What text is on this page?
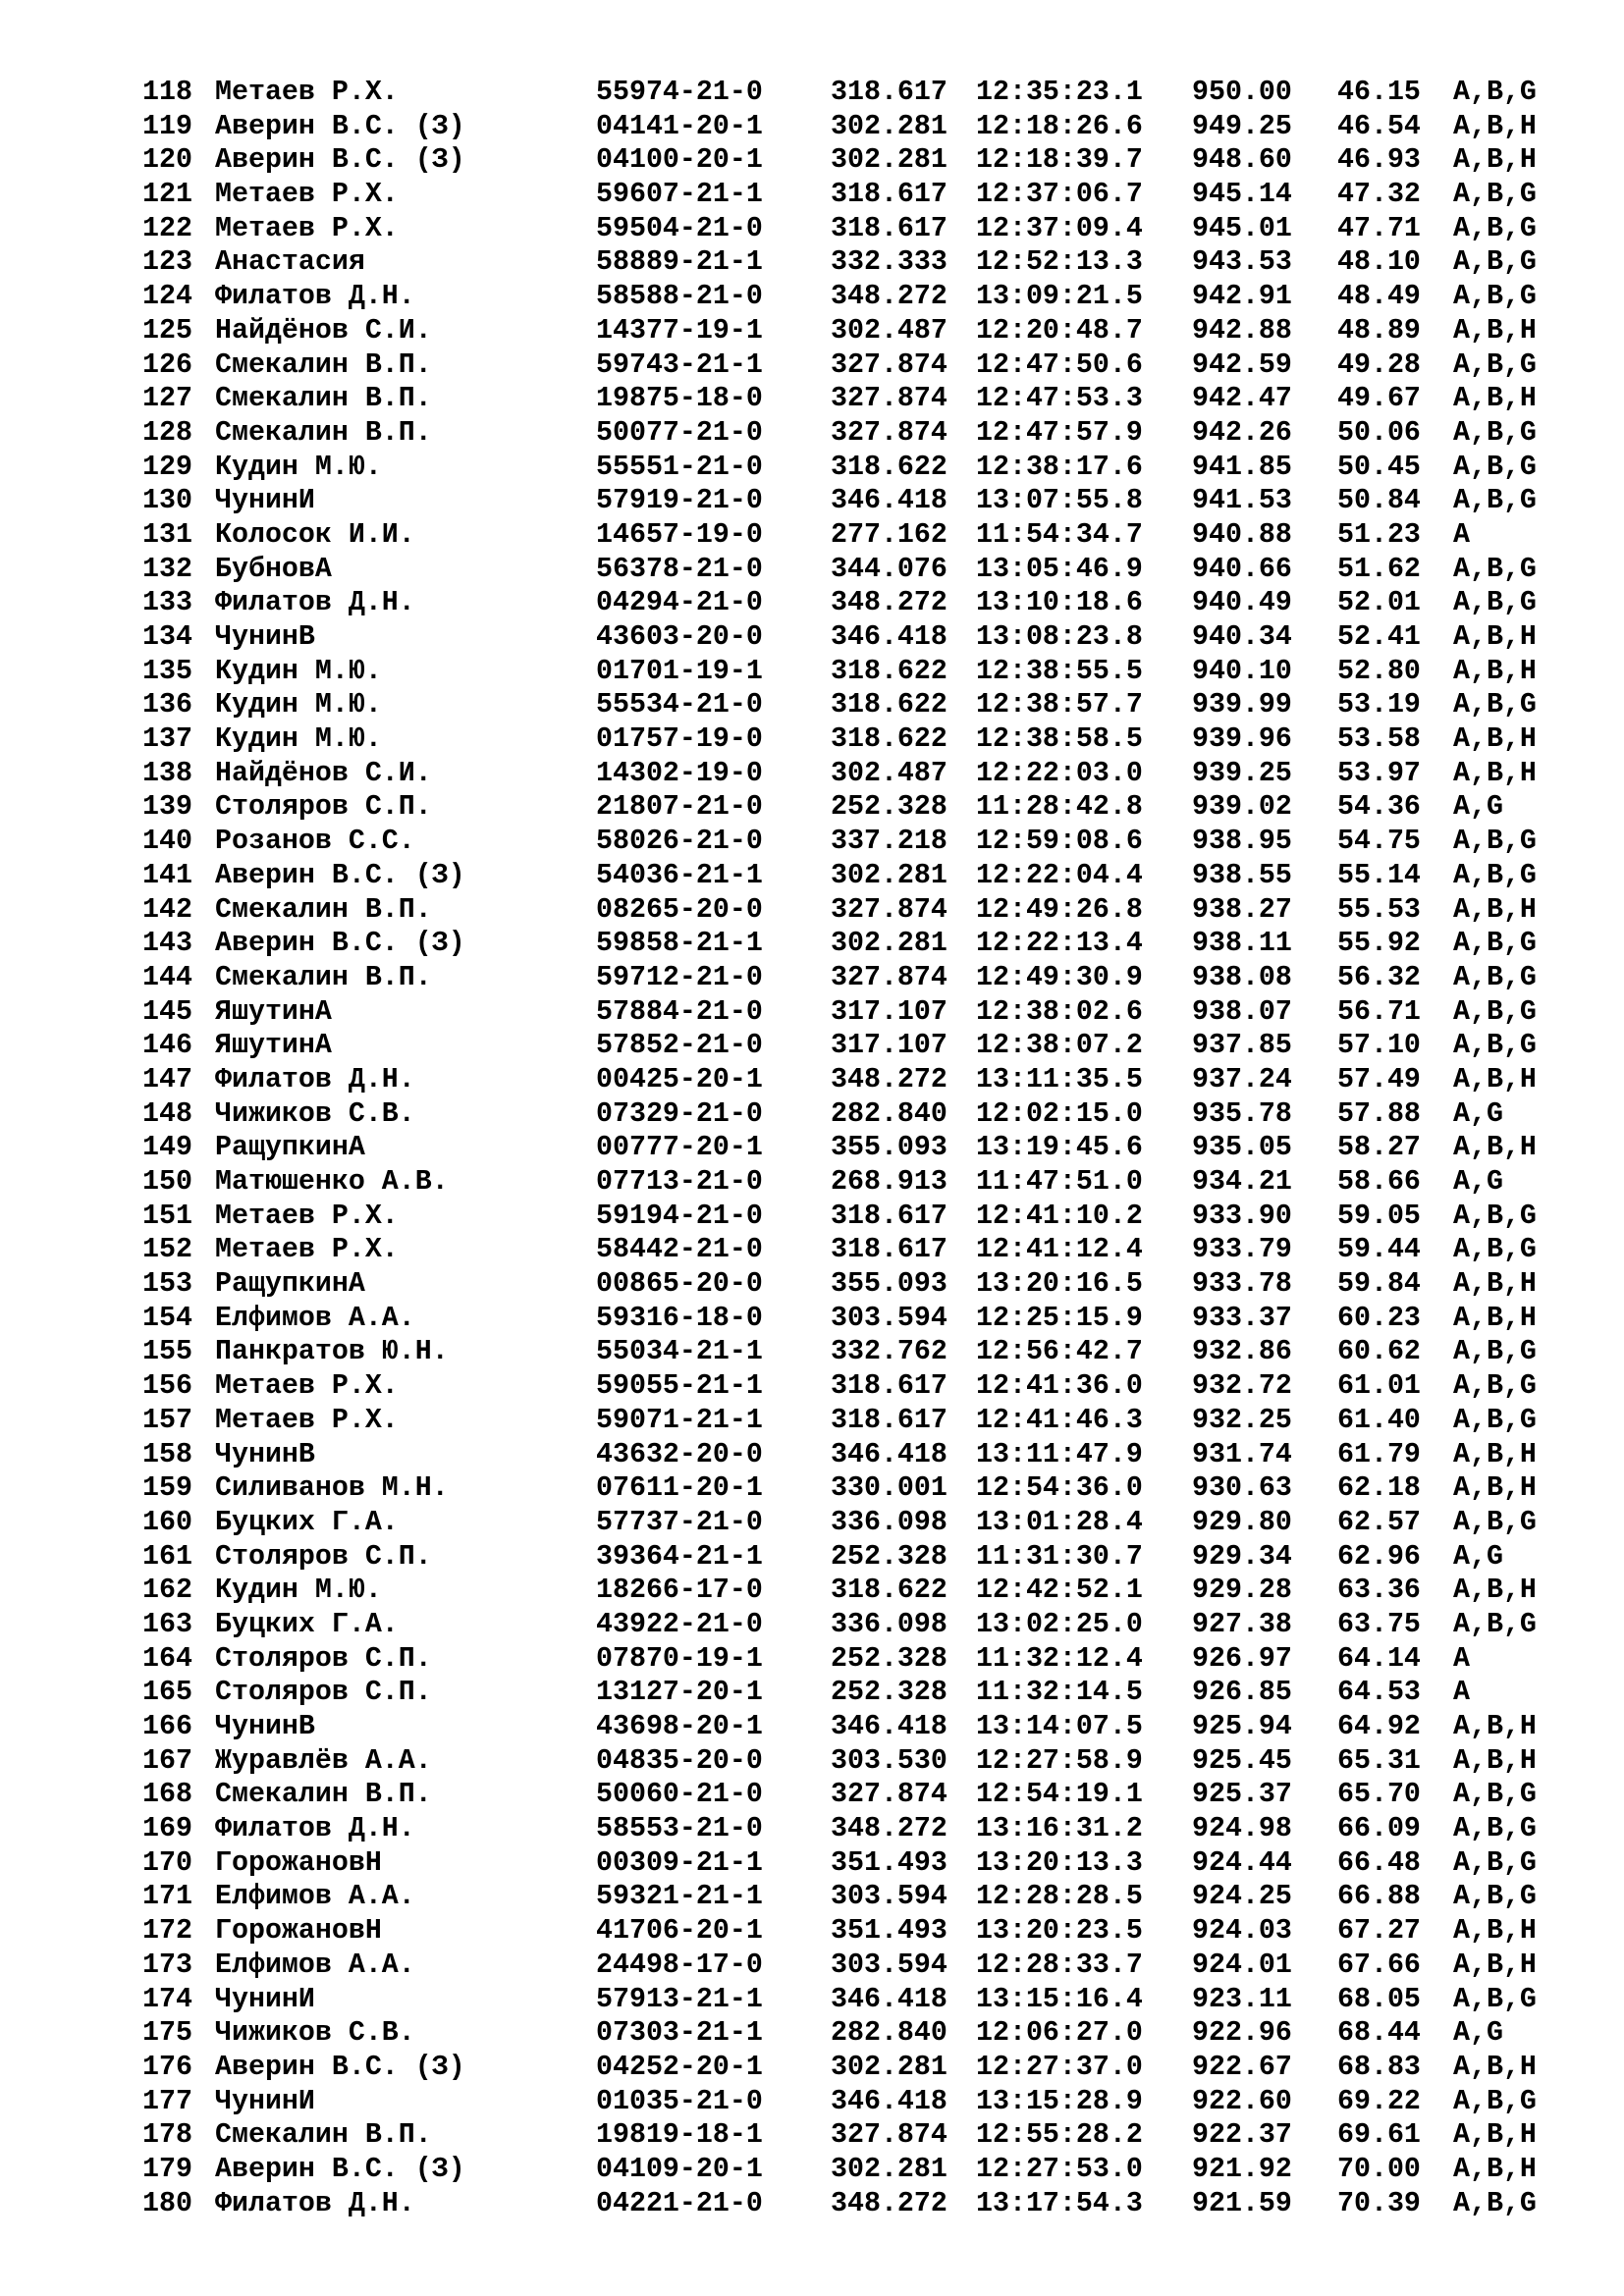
118 Метаев Р.Х.	55974-21-0 318.617 12:35:23.1 950.00 46.15 A,B,G
119 Аверин В.С. (З)	04141-20-1 302.281 12:18:26.6 949.25 46.54 A,B,H
120 Аверин В.С. (З)	04100-20-1 302.281 12:18:39.7 948.60 46.93 A,B,H
121 Метаев Р.Х.	59607-21-1 318.617 12:37:06.7 945.14 47.32 A,B,G
122 Метаев Р.Х.	59504-21-0 318.617 12:37:09.4 945.01 47.71 A,B,G
123 Анастасия	58889-21-1 332.333 12:52:13.3 943.53 48.10 A,B,G
124 Филатов Д.Н.	58588-21-0 348.272 13:09:21.5 942.91 48.49 A,B,G
125 Найдёнов С.И.	14377-19-1 302.487 12:20:48.7 942.88 48.89 A,B,H
126 Смекалин В.П.	59743-21-1 327.874 12:47:50.6 942.59 49.28 A,B,G
127 Смекалин В.П.	19875-18-0 327.874 12:47:53.3 942.47 49.67 A,B,H
128 Смекалин В.П.	50077-21-0 327.874 12:47:57.9 942.26 50.06 A,B,G
129 Кудин М.Ю.	55551-21-0 318.622 12:38:17.6 941.85 50.45 A,B,G
130 ЧунинИ	57919-21-0 346.418 13:07:55.8 941.53 50.84 A,B,G
131 Колосок И.И.	14657-19-0 277.162 11:54:34.7 940.88 51.23 A
132 БубновА	56378-21-0 344.076 13:05:46.9 940.66 51.62 A,B,G
133 Филатов Д.Н.	04294-21-0 348.272 13:10:18.6 940.49 52.01 A,B,G
134 ЧунинВ	43603-20-0 346.418 13:08:23.8 940.34 52.41 A,B,H
135 Кудин М.Ю.	01701-19-1 318.622 12:38:55.5 940.10 52.80 A,B,H
136 Кудин М.Ю.	55534-21-0 318.622 12:38:57.7 939.99 53.19 A,B,G
137 Кудин М.Ю.	01757-19-0 318.622 12:38:58.5 939.96 53.58 A,B,H
138 Найдёнов С.И.	14302-19-0 302.487 12:22:03.0 939.25 53.97 A,B,H
139 Столяров С.П.	21807-21-0 252.328 11:28:42.8 939.02 54.36 A,G
140 Розанов С.С.	58026-21-0 337.218 12:59:08.6 938.95 54.75 A,B,G
141 Аверин В.С. (З)	54036-21-1 302.281 12:22:04.4 938.55 55.14 A,B,G
142 Смекалин В.П.	08265-20-0 327.874 12:49:26.8 938.27 55.53 A,B,H
143 Аверин В.С. (З)	59858-21-1 302.281 12:22:13.4 938.11 55.92 A,B,G
144 Смекалин В.П.	59712-21-0 327.874 12:49:30.9 938.08 56.32 A,B,G
145 ЯшутинА	57884-21-0 317.107 12:38:02.6 938.07 56.71 A,B,G
146 ЯшутинА	57852-21-0 317.107 12:38:07.2 937.85 57.10 A,B,G
147 Филатов Д.Н.	00425-20-1 348.272 13:11:35.5 937.24 57.49 A,B,H
148 Чижиков С.В.	07329-21-0 282.840 12:02:15.0 935.78 57.88 A,G
149 РащупкинА	00777-20-1 355.093 13:19:45.6 935.05 58.27 A,B,H
150 Матюшенко А.В.	07713-21-0 268.913 11:47:51.0 934.21 58.66 A,G
151 Метаев Р.Х.	59194-21-0 318.617 12:41:10.2 933.90 59.05 A,B,G
152 Метаев Р.Х.	58442-21-0 318.617 12:41:12.4 933.79 59.44 A,B,G
153 РащупкинА	00865-20-0 355.093 13:20:16.5 933.78 59.84 A,B,H
154 Елфимов А.А.	59316-18-0 303.594 12:25:15.9 933.37 60.23 A,B,H
155 Панкратов Ю.Н.	55034-21-1 332.762 12:56:42.7 932.86 60.62 A,B,G
156 Метаев Р.Х.	59055-21-1 318.617 12:41:36.0 932.72 61.01 A,B,G
157 Метаев Р.Х.	59071-21-1 318.617 12:41:46.3 932.25 61.40 A,B,G
158 ЧунинВ	43632-20-0 346.418 13:11:47.9 931.74 61.79 A,B,H
159 Силиванов М.Н.	07611-20-1 330.001 12:54:36.0 930.63 62.18 A,B,H
160 Буцких Г.А.	57737-21-0 336.098 13:01:28.4 929.80 62.57 A,B,G
161 Столяров С.П.	39364-21-1 252.328 11:31:30.7 929.34 62.96 A,G
162 Кудин М.Ю.	18266-17-0 318.622 12:42:52.1 929.28 63.36 A,B,H
163 Буцких Г.А.	43922-21-0 336.098 13:02:25.0 927.38 63.75 A,B,G
164 Столяров С.П.	07870-19-1 252.328 11:32:12.4 926.97 64.14 A
165 Столяров С.П.	13127-20-1 252.328 11:32:14.5 926.85 64.53 A
166 ЧунинВ	43698-20-1 346.418 13:14:07.5 925.94 64.92 A,B,H
167 Журавлёв А.А.	04835-20-0 303.530 12:27:58.9 925.45 65.31 A,B,H
168 Смекалин В.П.	50060-21-0 327.874 12:54:19.1 925.37 65.70 A,B,G
169 Филатов Д.Н.	58553-21-0 348.272 13:16:31.2 924.98 66.09 A,B,G
170 ГорожановН	00309-21-1 351.493 13:20:13.3 924.44 66.48 A,B,G
171 Елфимов А.А.	59321-21-1 303.594 12:28:28.5 924.25 66.88 A,B,G
172 ГорожановН	41706-20-1 351.493 13:20:23.5 924.03 67.27 A,B,H
173 Елфимов А.А.	24498-17-0 303.594 12:28:33.7 924.01 67.66 A,B,H
174 ЧунинИ	57913-21-1 346.418 13:15:16.4 923.11 68.05 A,B,G
175 Чижиков С.В.	07303-21-1 282.840 12:06:27.0 922.96 68.44 A,G
176 Аверин В.С. (З)	04252-20-1 302.281 12:27:37.0 922.67 68.83 A,B,H
177 ЧунинИ	01035-21-0 346.418 13:15:28.9 922.60 69.22 A,B,G
178 Смекалин В.П.	19819-18-1 327.874 12:55:28.2 922.37 69.61 A,B,H
179 Аверин В.С. (З)	04109-20-1 302.281 12:27:53.0 921.92 70.00 A,B,H
180 Филатов Д.Н.	04221-21-0 348.272 13:17:54.3 921.59 70.39 A,B,G
